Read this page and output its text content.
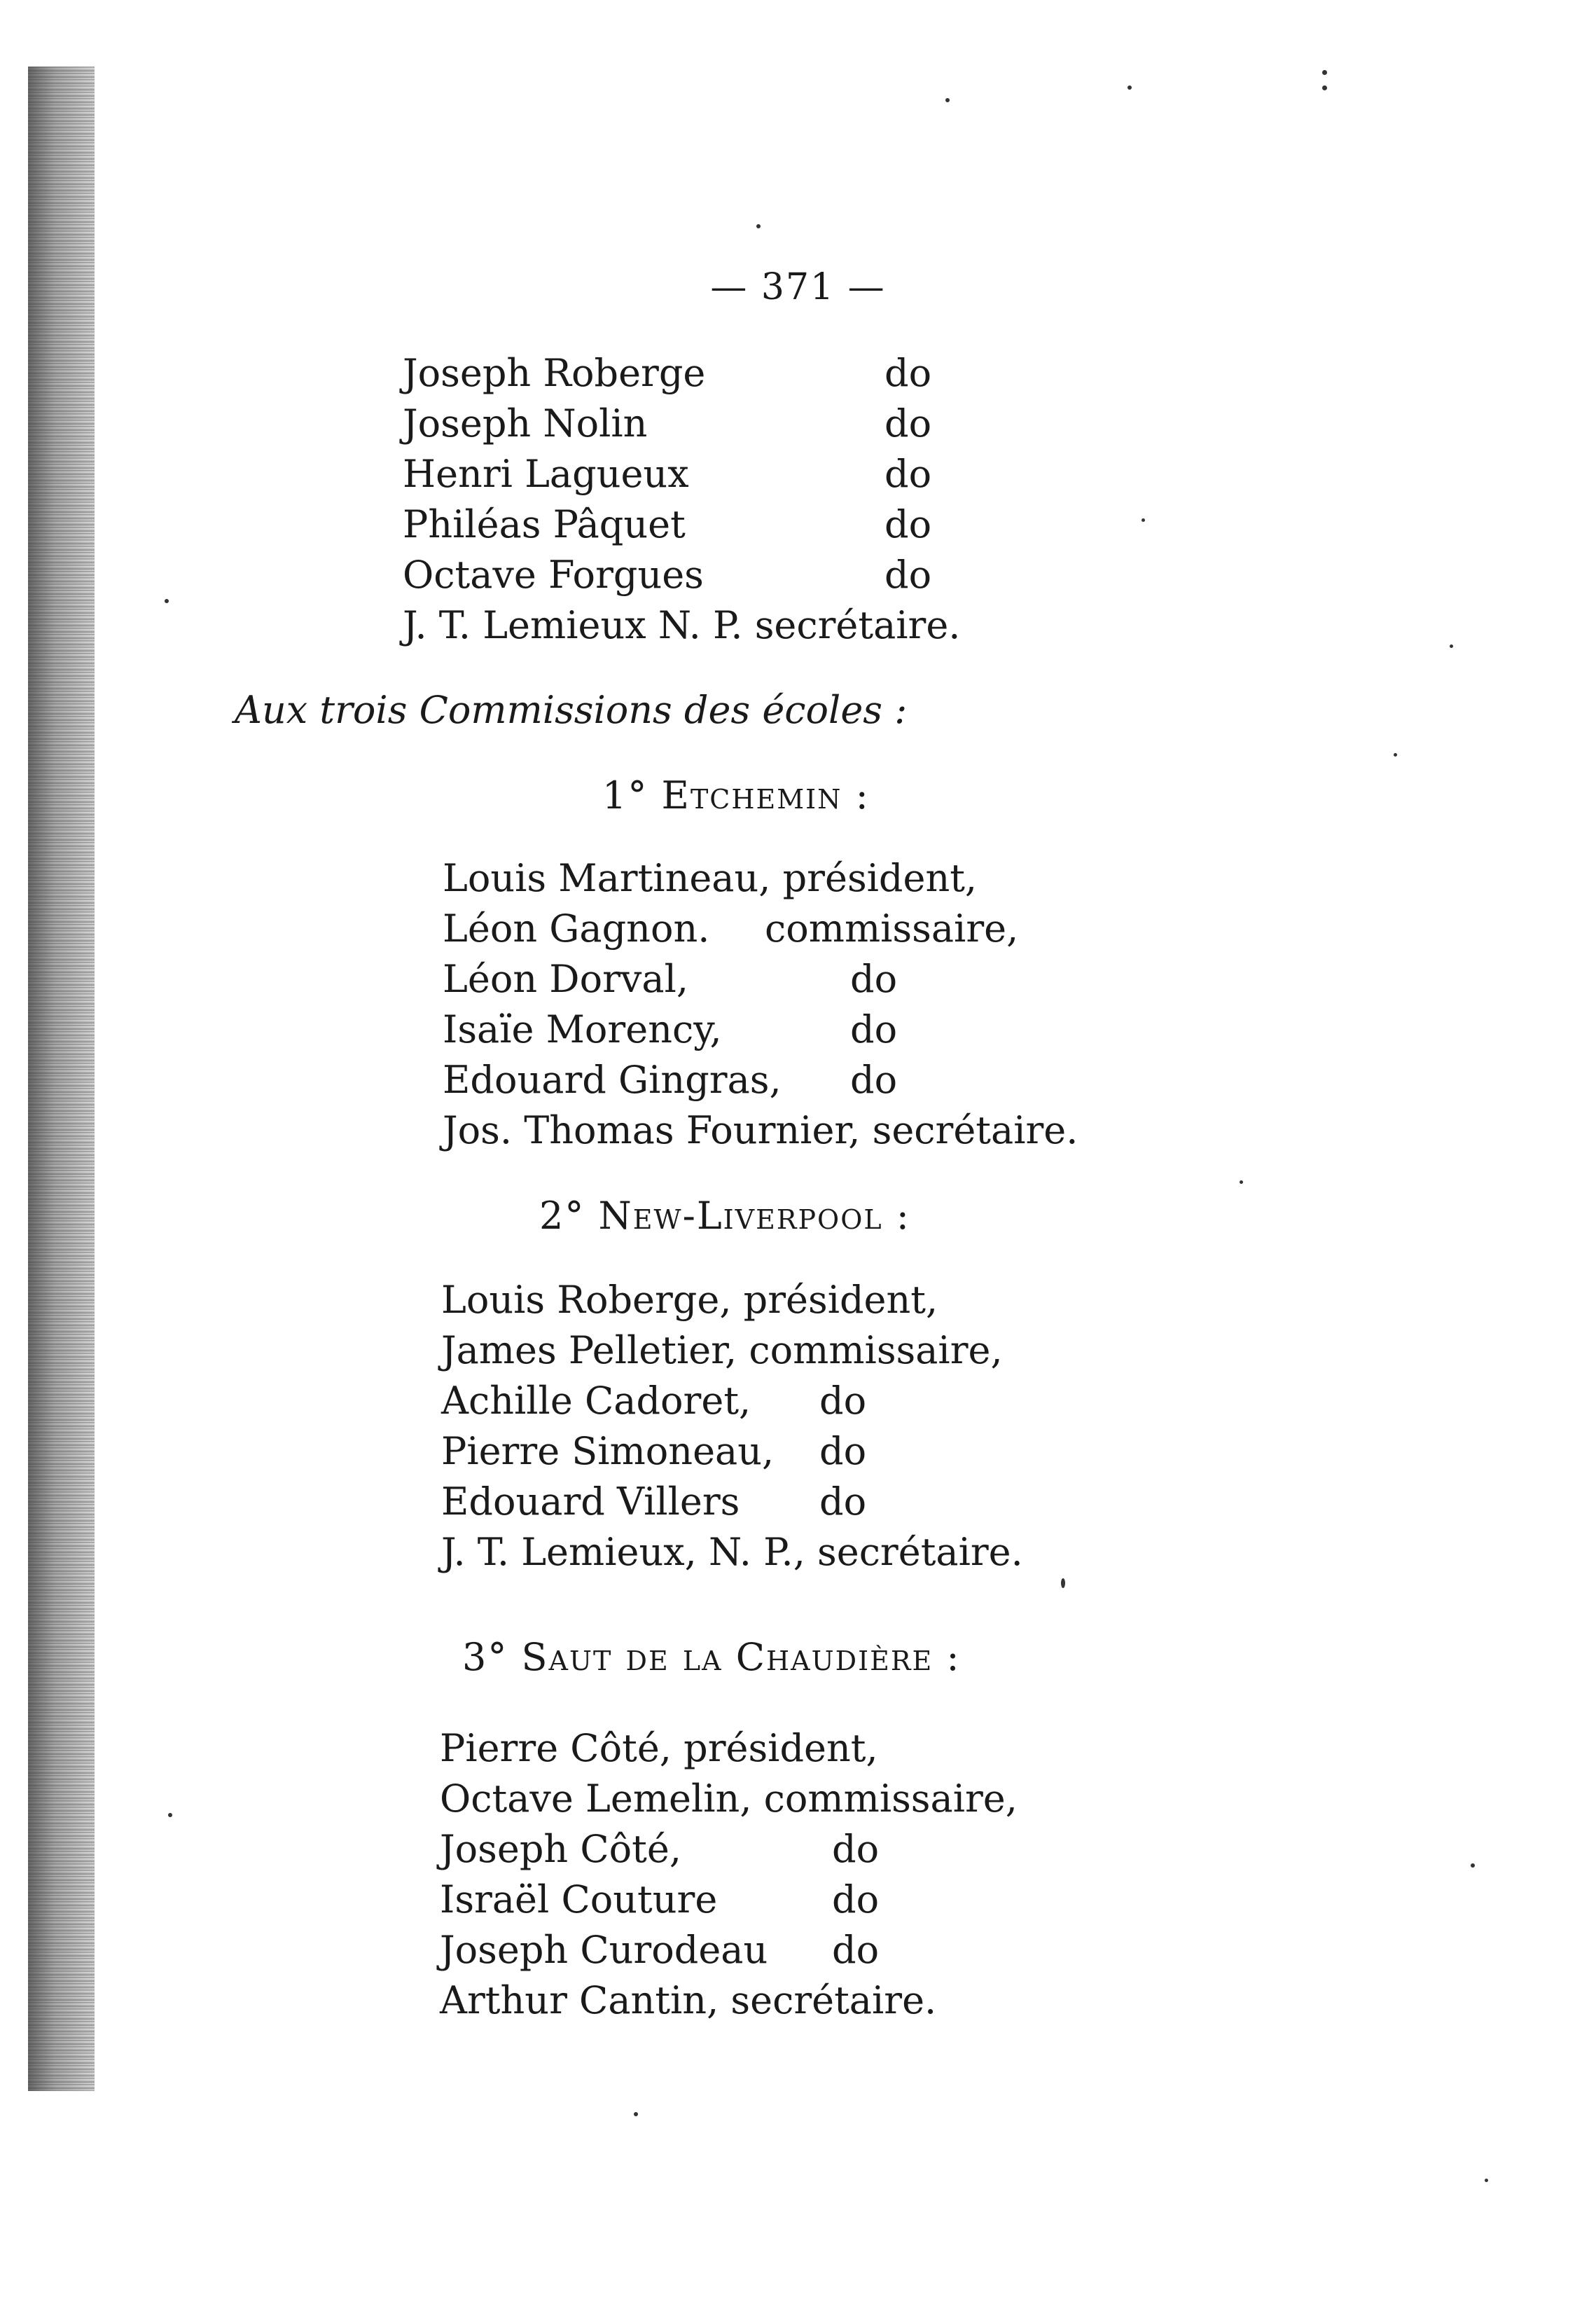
— 371 —
Joseph Roberge	do
Joseph Nolin	do
Henri Lagueux	do
Philéas Pâquet	do
Octave Forgues	do
J. T. Lemieux N. P. secrétaire.
Aux trois Commissions des écoles :
1° Etchemin :
Louis Martineau, président,
Léon Gagnon. commissaire,
Léon Dorval,	do
Isaïe Morency,	do
Edouard Gingras, do
Jos. Thomas Fournier, secrétaire.
2° New-Liverpool :
Louis Roberge, président,
James Pelletier, commissaire,
Achille Cadoret, do
Pierre Simoneau, do
Edouard Villers do
J. T. Lemieux, N. P., secrétaire.
3° Saut de la Chaudière :
Pierre Côté, président,
Octave Lemelin, commissaire,
Joseph Côté,	do
Israël Couture	do
Joseph Curodeau do
Arthur Cantin, secrétaire.
